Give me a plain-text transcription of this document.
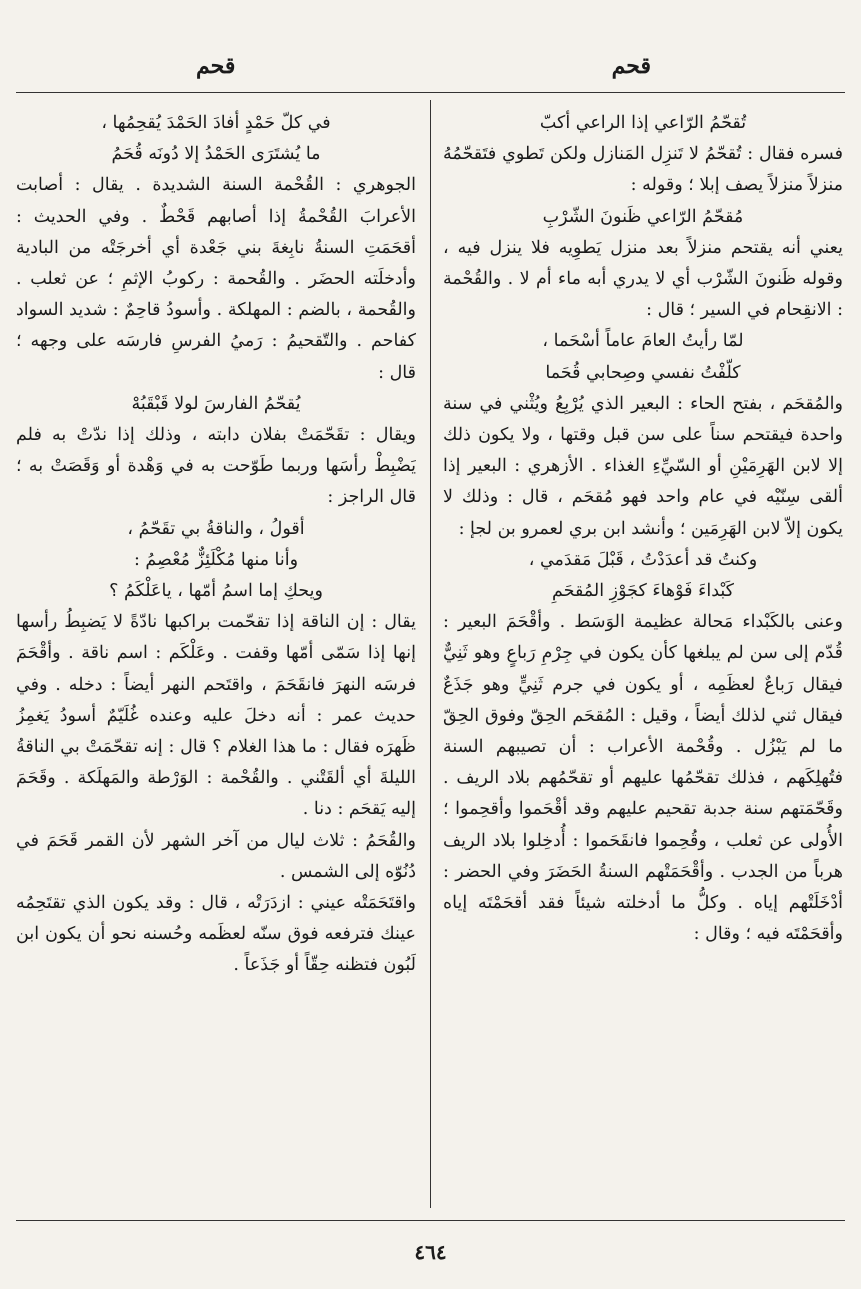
قحم
قحم

تُقحّمُ الرّاعي إذا الراعي أكبّ

فسره فقال : تُقحّمُ لا تَنزِل المَنازل ولكن تَطوي فتَقحّمُهُ منزلاً منزلاً يصف إبلا ؛ وقوله :

مُقحّمُ الرّاعي ظَنونَ الشّرْبِ

يعني أنه يقتحم منزلاً بعد منزل يَطوِيه فلا ينزل فيه ، وقوله ظَنونَ الشّرْب أي لا يدري أبه ماء أم لا . والقُحْمة : الانقِحام في السير ؛ قال :

لمّا رأيتُ العامَ عاماً أسْحَما ،

كلّفْتُ نفسي وصِحابي قُحَما

والمُقحَم ، بفتح الحاء : البعير الذي يُرْبِعُ ويُثْني في سنة واحدة فيقتحم سناً على سن قبل وقتها ، ولا يكون ذلك إلا لابن الهَرِمَيْنِ أو السّيِّءِ الغذاء . الأزهري : البعير إذا ألقى سِنّيْه في عام واحد فهو مُقحَم ، قال : وذلك لا يكون إلاّ لابن الهَرِمَين ؛ وأنشد ابن بري لعمرو بن لجإ :

وكنتُ قد أعدَدْتُ ، قَبْلَ مَقدَمي ،

كَبْداءَ فَوْهاءَ كجَوْزِ المُقحَمِ

وعنى بالكَبْداء مَحالة عظيمة الوَسَط . وأقْحَمَ البعير : قُدّم إلى سن لم يبلغها كأن يكون في جِرْمِ رَباعٍ وهو ثَنِيٌّ فيقال رَباعٌ لعظَمِه ، أو يكون في جرم ثَنِيٍّ وهو جَذَعٌ فيقال ثني لذلك أيضاً ، وقيل : المُقحَم الحِقّ وفوق الحِقّ ما لم يَبْزُل . وقُحْمة الأعراب : أن تصيبهم السنة فتُهلِكَهم ، فذلك تقحّمُها عليهم أو تقحّمُهم بلاد الريف . وقَحّمَتهم سنة جدبة تقحيم عليهم وقد أقْحَموا وأقحِموا ؛ الأُولى عن ثعلب ، وقُحِموا فانقَحَموا : أُدخِلوا بلاد الريف هرباً من الجدب . وأقْحَمَتْهم السنةُ الحَضَرَ وفي الحضر : أدْخَلَتْهم إياه . وكلُّ ما أدخلته شيئاً فقد أقحَمْتَه إياه وأقحَمْتَه فيه ؛ وقال :

في كلّ حَمْدٍ أفادَ الحَمْدَ يُقحِمُها ،

ما يُشتَرَى الحَمْدُ إلا دُونَه قُحَمُ

الجوهري : القُحْمة السنة الشديدة . يقال : أصابت الأعرابَ القُحْمةُ إذا أصابهم قَحْطٌ . وفي الحديث : أقحَمَتِ السنةُ نابِغةَ بني جَعْدة أي أخرجَتْه من البادية وأدخلَته الحضَر . والقُحمة : ركوبُ الإثمِ ؛ عن ثعلب . والقُحمة ، بالضم : المهلكة . وأسودُ قاحِمٌ : شديد السواد كفاحم . والتّقحيمُ : رَميُ الفرسِ فارسَه على وجهه ؛ قال :

يُقحّمُ الفارسَ لولا قَبْقَبُهْ

ويقال : تقَحّمَتْ بفلان دابته ، وذلك إذا ندّتْ به فلم يَضْبِطْ رأسَها وربما طَوّحت به في وَهْدة أو وَقَصَتْ به ؛ قال الراجز :

أقولُ ، والناقةُ بي تقَحّمُ ،

وأنا منها مُكْلَئِزٌّ مُعْصِمُ :

ويحكِ إما اسمُ أمّها ، ياعَلْكَمُ ؟

يقال : إن الناقة إذا تقحّمت براكبها نادّةً لا يَضبِطُ رأسها إنها إذا سَمّى أمّها وقفت . وعَلْكَم : اسم ناقة . وأقْحَمَ فرسَه النهرَ فانقَحَمَ ، واقتَحم النهر أيضاً : دخله . وفي حديث عمر : أنه دخلَ عليه وعنده غُلَيّمٌ أسودُ يَغمِزُ ظَهرَه فقال : ما هذا الغلام ؟ قال : إنه تقحّمَتْ بي الناقةُ الليلةَ أي ألقَتْني . والقُحْمة : الوَرْطة والمَهلَكة . وقَحَمَ إليه يَقحَم : دنا .

والقُحَمُ : ثلاث ليال من آخر الشهر لأن القمر قَحَمَ في دُنُوّه إلى الشمس .

واقتَحَمَتْه عيني : ازدَرَتْه ، قال : وقد يكون الذي تقتَحِمُه عينك فترفعه فوق سنّه لعظَمه وحُسنه نحو أن يكون ابن لَبُون فتظنه حِقّاً أو جَذَعاً .

٤٦٤
